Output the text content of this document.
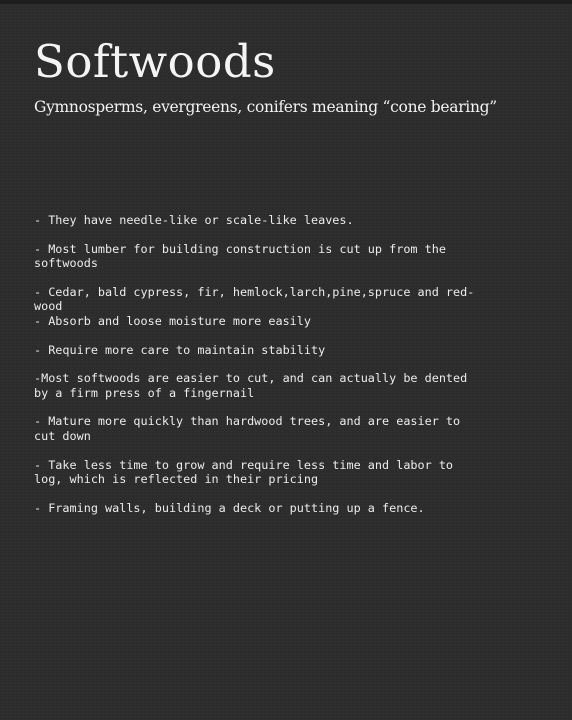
Softwoods

Gymnosperms, evergreens, conifers meaning “cone bearing”

- They have needle-like or scale-like leaves.
- Most lumber for building construction is cut up from the
softwoods
- Cedar, bald cypress, fir, hemlock,larch,pine,spruce and red-
wood
- Absorb and loose moisture more easily
- Require more care to maintain stability
-Most softwoods are easier to cut, and can actually be dented
by a firm press of a fingernail
- Mature more quickly than hardwood trees, and are easier to
cut down
- Take less time to grow and require less time and labor to
log, which is reflected in their pricing
- Framing walls, building a deck or putting up a fence.
